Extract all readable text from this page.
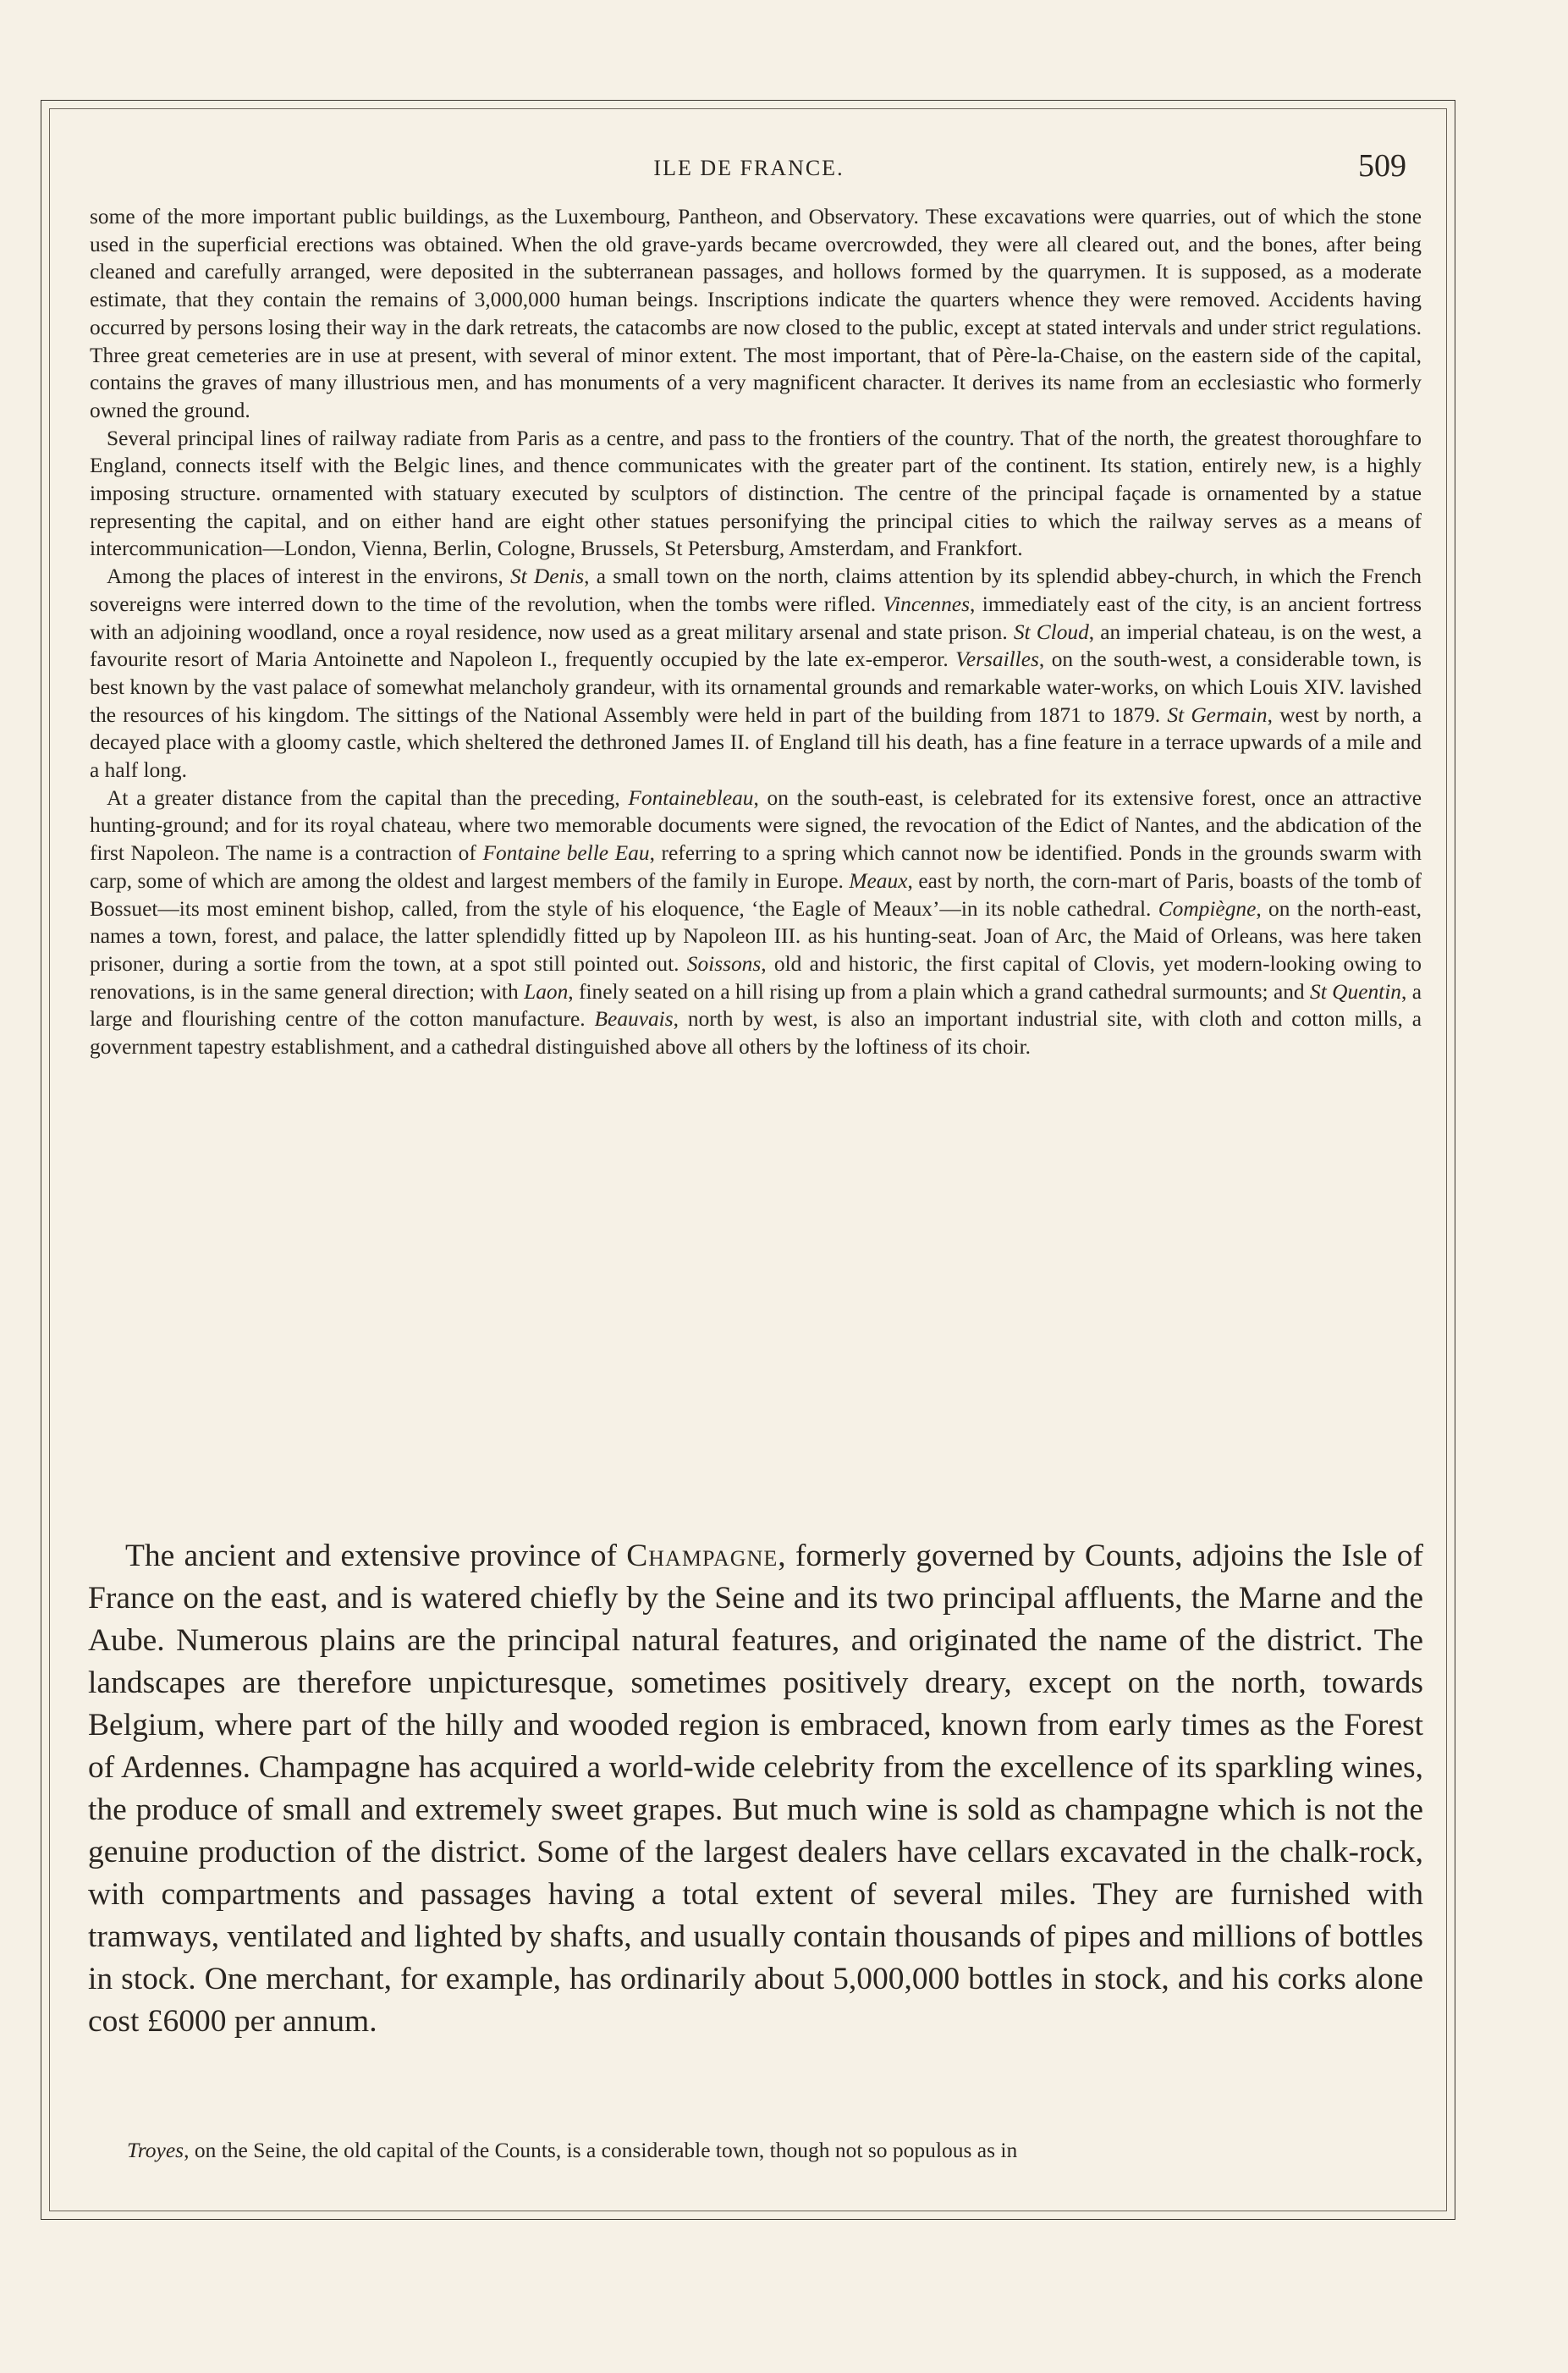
ILE DE FRANCE.	509

some of the more important public buildings, as the Luxembourg, Pantheon, and Observatory. These excavations were quarries, out of which the stone used in the superficial erections was obtained. When the old grave-yards became overcrowded, they were all cleared out, and the bones, after being cleaned and carefully arranged, were deposited in the subterranean passages, and hollows formed by the quarrymen. It is supposed, as a moderate estimate, that they contain the remains of 3,000,000 human beings. Inscriptions indicate the quarters whence they were removed. Accidents having occurred by persons losing their way in the dark retreats, the catacombs are now closed to the public, except at stated intervals and under strict regulations. Three great cemeteries are in use at present, with several of minor extent. The most important, that of Père-la-Chaise, on the eastern side of the capital, contains the graves of many illustrious men, and has monuments of a very magnificent character. It derives its name from an ecclesiastic who formerly owned the ground.

Several principal lines of railway radiate from Paris as a centre, and pass to the frontiers of the country. That of the north, the greatest thoroughfare to England, connects itself with the Belgic lines, and thence communicates with the greater part of the continent. Its station, entirely new, is a highly imposing structure. ornamented with statuary executed by sculptors of distinction. The centre of the principal façade is ornamented by a statue representing the capital, and on either hand are eight other statues personifying the principal cities to which the railway serves as a means of intercommunication—London, Vienna, Berlin, Cologne, Brussels, St Petersburg, Amsterdam, and Frankfort.

Among the places of interest in the environs, St Denis, a small town on the north, claims attention by its splendid abbey-church, in which the French sovereigns were interred down to the time of the revolution, when the tombs were rifled. Vincennes, immediately east of the city, is an ancient fortress with an adjoining woodland, once a royal residence, now used as a great military arsenal and state prison. St Cloud, an imperial chateau, is on the west, a favourite resort of Maria Antoinette and Napoleon I., frequently occupied by the late ex-emperor. Versailles, on the south-west, a considerable town, is best known by the vast palace of somewhat melancholy grandeur, with its ornamental grounds and remarkable water-works, on which Louis XIV. lavished the resources of his kingdom. The sittings of the National Assembly were held in part of the building from 1871 to 1879. St Germain, west by north, a decayed place with a gloomy castle, which sheltered the dethroned James II. of England till his death, has a fine feature in a terrace upwards of a mile and a half long.

At a greater distance from the capital than the preceding, Fontainebleau, on the south-east, is celebrated for its extensive forest, once an attractive hunting-ground; and for its royal chateau, where two memorable documents were signed, the revocation of the Edict of Nantes, and the abdication of the first Napoleon. The name is a contraction of Fontaine belle Eau, referring to a spring which cannot now be identified. Ponds in the grounds swarm with carp, some of which are among the oldest and largest members of the family in Europe. Meaux, east by north, the corn-mart of Paris, boasts of the tomb of Bossuet—its most eminent bishop, called, from the style of his eloquence, ‘the Eagle of Meaux’—in its noble cathedral. Compiègne, on the north-east, names a town, forest, and palace, the latter splendidly fitted up by Napoleon III. as his hunting-seat. Joan of Arc, the Maid of Orleans, was here taken prisoner, during a sortie from the town, at a spot still pointed out. Soissons, old and historic, the first capital of Clovis, yet modern-looking owing to renovations, is in the same general direction; with Laon, finely seated on a hill rising up from a plain which a grand cathedral surmounts; and St Quentin, a large and flourishing centre of the cotton manufacture. Beauvais, north by west, is also an important industrial site, with cloth and cotton mills, a government tapestry establishment, and a cathedral distinguished above all others by the loftiness of its choir.

The ancient and extensive province of Champagne, formerly governed by Counts, adjoins the Isle of France on the east, and is watered chiefly by the Seine and its two principal affluents, the Marne and the Aube. Numerous plains are the principal natural features, and originated the name of the district. The landscapes are therefore unpicturesque, sometimes positively dreary, except on the north, towards Belgium, where part of the hilly and wooded region is embraced, known from early times as the Forest of Ardennes. Champagne has acquired a world-wide celebrity from the excellence of its sparkling wines, the produce of small and extremely sweet grapes. But much wine is sold as champagne which is not the genuine production of the district. Some of the largest dealers have cellars excavated in the chalk-rock, with compartments and passages having a total extent of several miles. They are furnished with tramways, ventilated and lighted by shafts, and usually contain thousands of pipes and millions of bottles in stock. One merchant, for example, has ordinarily about 5,000,000 bottles in stock, and his corks alone cost £6000 per annum.

Troyes, on the Seine, the old capital of the Counts, is a considerable town, though not so populous as in
